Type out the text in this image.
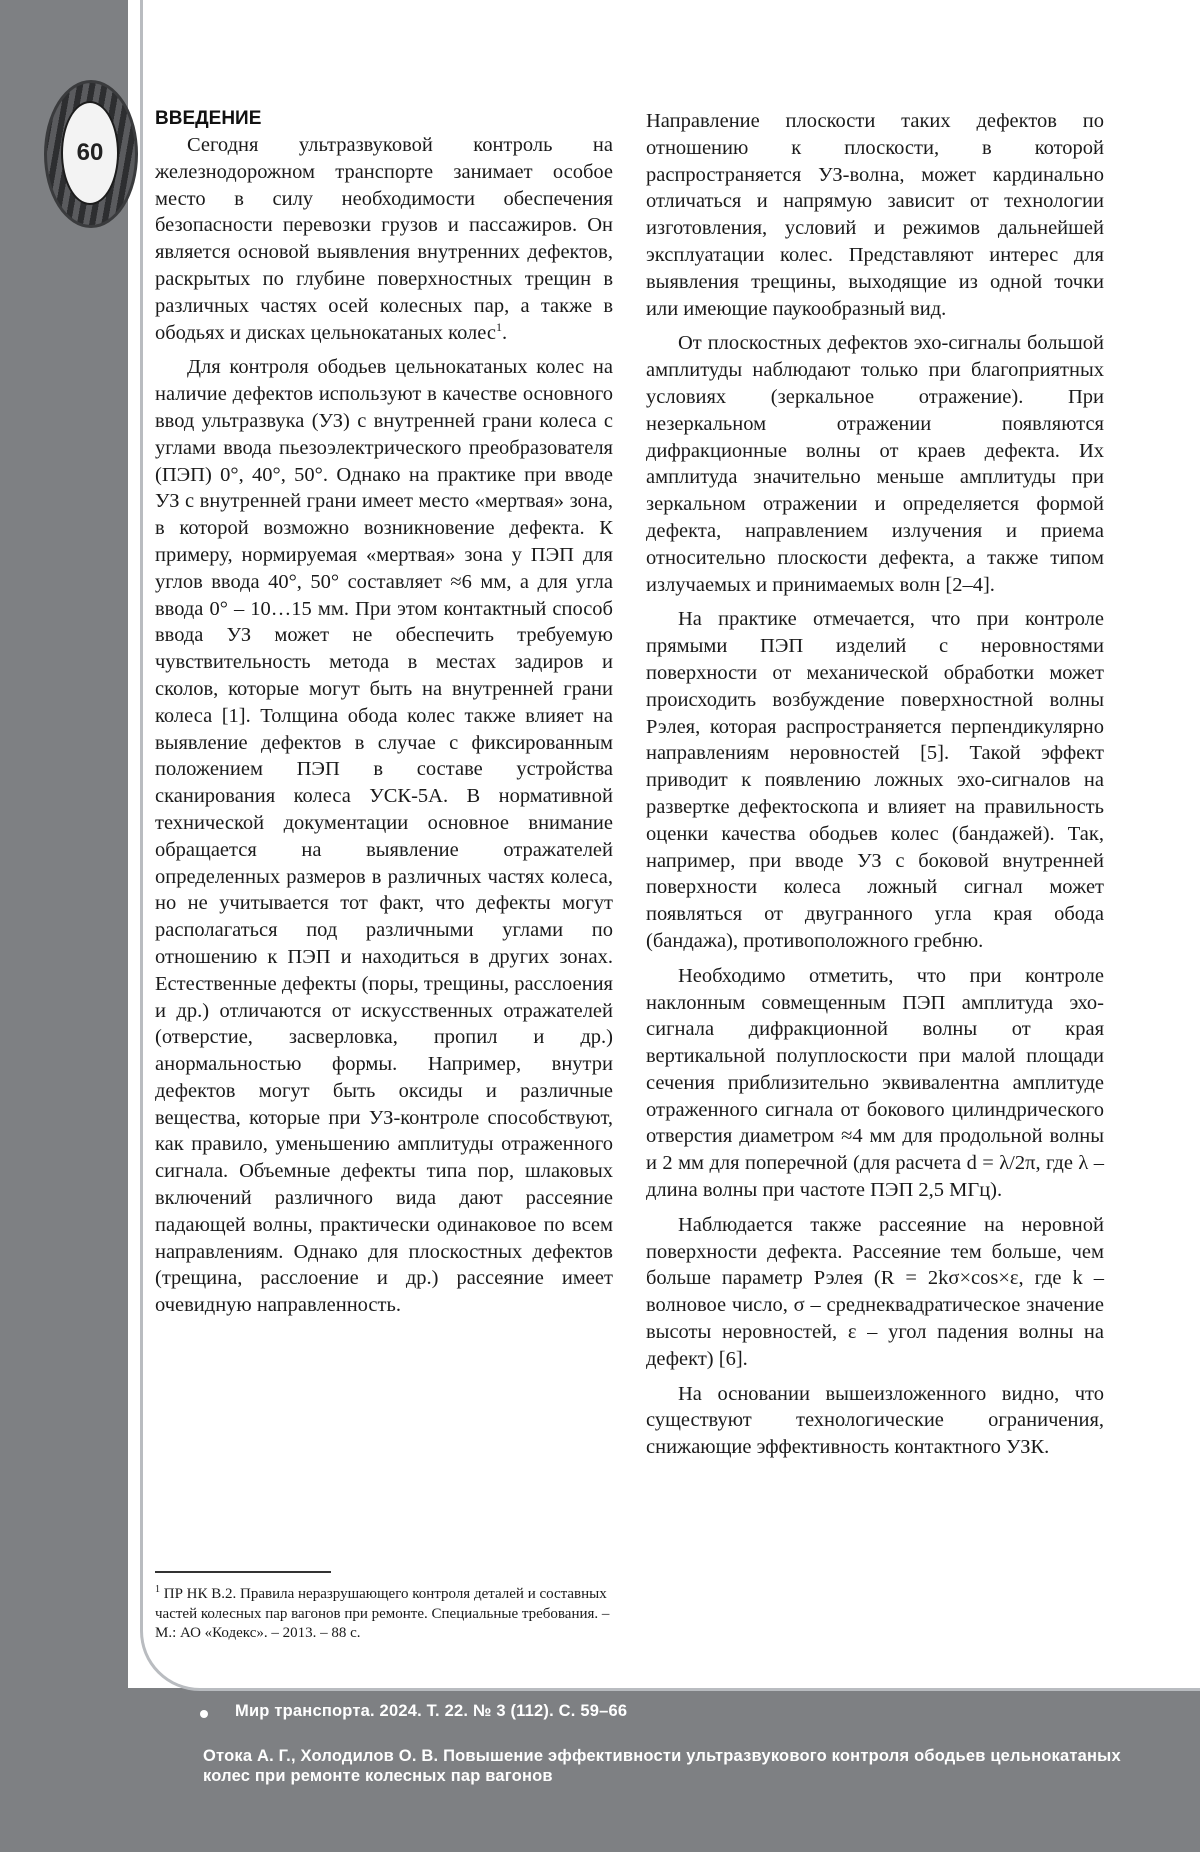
60
ВВЕДЕНИЕ

Сегодня ультразвуковой контроль на железнодорожном транспорте занимает особое место в силу необходимости обеспечения безопасности перевозки грузов и пассажиров. Он является основой выявления внутренних дефектов, раскрытых по глубине поверхностных трещин в различных частях осей колесных пар, а также в ободьях и дисках цельнокатаных колес$^1$.

Для контроля ободьев цельнокатаных колес на наличие дефектов используют в качестве основного ввод ультразвука (УЗ) с внутренней грани колеса с углами ввода пьезоэлектрического преобразователя (ПЭП) 0°, 40°, 50°. Однако на практике при вводе УЗ с внутренней грани имеет место «мертвая» зона, в которой возможно возникновение дефекта. К примеру, нормируемая «мертвая» зона у ПЭП для углов ввода 40°, 50° составляет ≈6 мм, а для угла ввода 0° – 10…15 мм. При этом контактный способ ввода УЗ может не обеспечить требуемую чувствительность метода в местах задиров и сколов, которые могут быть на внутренней грани колеса [1]. Толщина обода колес также влияет на выявление дефектов в случае с фиксированным положением ПЭП в составе устройства сканирования колеса УСК-5А. В нормативной технической документации основное внимание обращается на выявление отражателей определенных размеров в различных частях колеса, но не учитывается тот факт, что дефекты могут располагаться под различными углами по отношению к ПЭП и находиться в других зонах. Естественные дефекты (поры, трещины, расслоения и др.) отличаются от искусственных отражателей (отверстие, засверловка, пропил и др.) анормальностью формы. Например, внутри дефектов могут быть оксиды и различные вещества, которые при УЗ-контроле способствуют, как правило, уменьшению амплитуды отраженного сигнала. Объемные дефекты типа пор, шлаковых включений различного вида дают рассеяние падающей волны, практически одинаковое по всем направлениям. Однако для плоскостных дефектов (трещина, расслоение и др.) рассеяние имеет очевидную направленность.

$^1$ ПР НК В.2. Правила неразрушающего контроля деталей и составных частей колесных пар вагонов при ремонте. Специальные требования. – М.: АО «Кодекс». – 2013. – 88 с.

Направление плоскости таких дефектов по отношению к плоскости, в которой распространяется УЗ-волна, может кардинально отличаться и напрямую зависит от технологии изготовления, условий и режимов дальнейшей эксплуатации колес. Представляют интерес для выявления трещины, выходящие из одной точки или имеющие паукообразный вид.

От плоскостных дефектов эхо-сигналы большой амплитуды наблюдают только при благоприятных условиях (зеркальное отражение). При незеркальном отражении появляются дифракционные волны от краев дефекта. Их амплитуда значительно меньше амплитуды при зеркальном отражении и определяется формой дефекта, направлением излучения и приема относительно плоскости дефекта, а также типом излучаемых и принимаемых волн [2–4].

На практике отмечается, что при контроле прямыми ПЭП изделий с неровностями поверхности от механической обработки может происходить возбуждение поверхностной волны Рэлея, которая распространяется перпендикулярно направлениям неровностей [5]. Такой эффект приводит к появлению ложных эхо-сигналов на развертке дефектоскопа и влияет на правильность оценки качества ободьев колес (бандажей). Так, например, при вводе УЗ с боковой внутренней поверхности колеса ложный сигнал может появляться от двугранного угла края обода (бандажа), противоположного гребню.

Необходимо отметить, что при контроле наклонным совмещенным ПЭП амплитуда эхо-сигнала дифракционной волны от края вертикальной полуплоскости при малой площади сечения приблизительно эквивалентна амплитуде отраженного сигнала от бокового цилиндрического отверстия диаметром ≈4 мм для продольной волны и 2 мм для поперечной (для расчета d = λ/2π, где λ – длина волны при частоте ПЭП 2,5 МГц).

Наблюдается также рассеяние на неровной поверхности дефекта. Рассеяние тем больше, чем больше параметр Рэлея (R = 2kσ×cos×ε, где k – волновое число, σ – среднеквадратическое значение высоты неровностей, ε – угол падения волны на дефект) [6].

На основании вышеизложенного видно, что существуют технологические ограничения, снижающие эффективность контактного УЗК.

Мир транспорта. 2024. Т. 22. № 3 (112). С. 59–66
Отока А. Г., Холодилов О. В. Повышение эффективности ультразвукового контроля ободьев цельнокатаных колес при ремонте колесных пар вагонов
